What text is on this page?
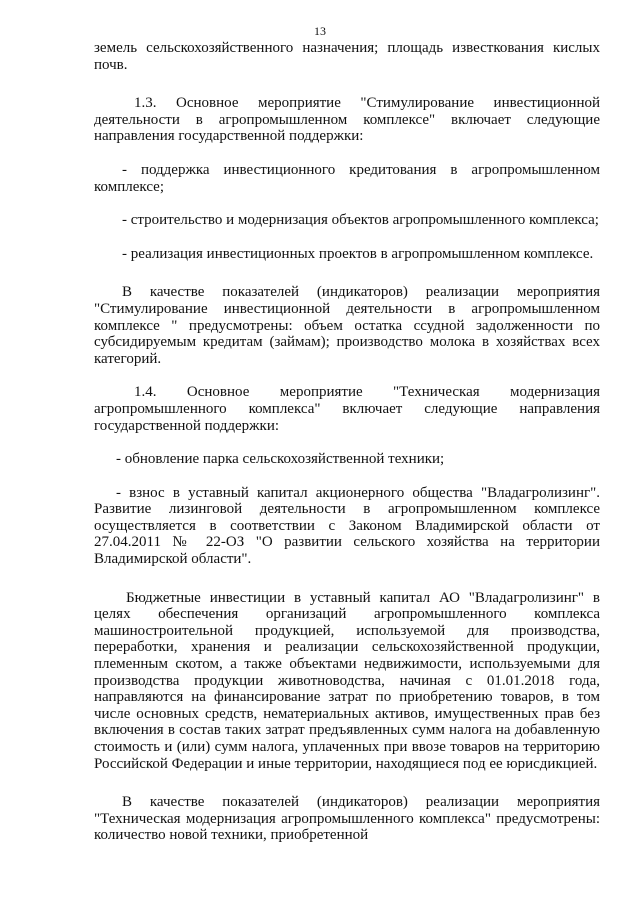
13

земель сельскохозяйственного назначения; площадь известкования кислых почв.

1.3. Основное мероприятие "Стимулирование инвестиционной деятельности в агропромышленном комплексе" включает следующие направления государственной поддержки:

- поддержка инвестиционного кредитования в агропромышленном комплексе;

- строительство и модернизация объектов агропромышленного комплекса;

- реализация инвестиционных проектов в агропромышленном комплексе.

В качестве показателей (индикаторов) реализации мероприятия "Стимулирование инвестиционной деятельности в агропромышленном комплексе " предусмотрены: объем остатка ссудной задолженности по субсидируемым кредитам (займам); производство молока в хозяйствах всех категорий.

1.4. Основное мероприятие "Техническая модернизация агропромышленного комплекса" включает следующие направления государственной поддержки:

- обновление парка сельскохозяйственной техники;

- взнос в уставный капитал акционерного общества "Владагролизинг". Развитие лизинговой деятельности в агропромышленном комплексе осуществляется в соответствии с Законом Владимирской области от 27.04.2011 № 22-ОЗ "О развитии сельского хозяйства на территории Владимирской области".

Бюджетные инвестиции в уставный капитал АО "Владагролизинг" в целях обеспечения организаций агропромышленного комплекса машиностроительной продукцией, используемой для производства, переработки, хранения и реализации сельскохозяйственной продукции, племенным скотом, а также объектами недвижимости, используемыми для производства продукции животноводства, начиная с 01.01.2018 года, направляются на финансирование затрат по приобретению товаров, в том числе основных средств, нематериальных активов, имущественных прав без включения в состав таких затрат предъявленных сумм налога на добавленную стоимость и (или) сумм налога, уплаченных при ввозе товаров на территорию Российской Федерации и иные территории, находящиеся под ее юрисдикцией.

В качестве показателей (индикаторов) реализации мероприятия "Техническая модернизация агропромышленного комплекса" предусмотрены: количество новой техники, приобретенной
